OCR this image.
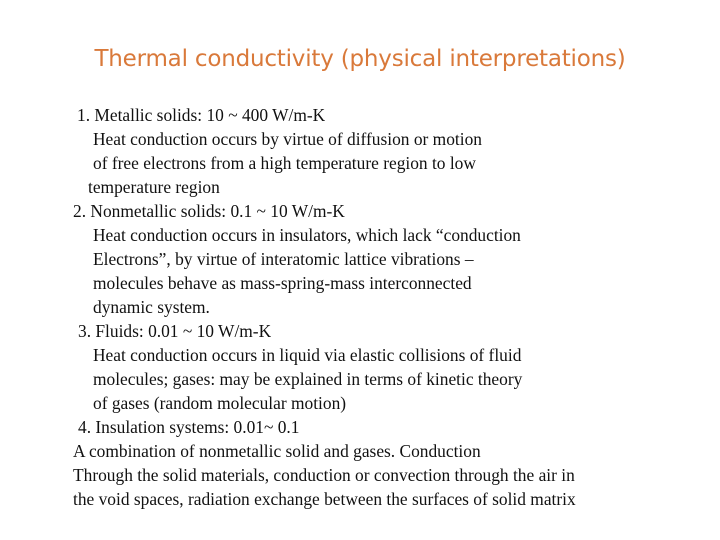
Thermal conductivity (physical interpretations)
1. Metallic solids: 10 ~ 400 W/m-K
Heat conduction occurs by virtue of diffusion or motion
of free electrons from a high temperature region to low
temperature region
2. Nonmetallic solids: 0.1 ~ 10 W/m-K
Heat conduction occurs in insulators, which lack “conduction
Electrons”, by virtue of interatomic lattice vibrations –
molecules behave as mass-spring-mass interconnected
dynamic system.
3. Fluids: 0.01 ~ 10 W/m-K
Heat conduction occurs in liquid via elastic collisions of fluid
molecules; gases: may be explained in terms of kinetic theory
of gases (random molecular motion)
4. Insulation systems: 0.01~ 0.1
A combination of nonmetallic solid and gases. Conduction
Through the solid materials, conduction or convection through the air in
the void spaces, radiation exchange between the surfaces of solid matrix
